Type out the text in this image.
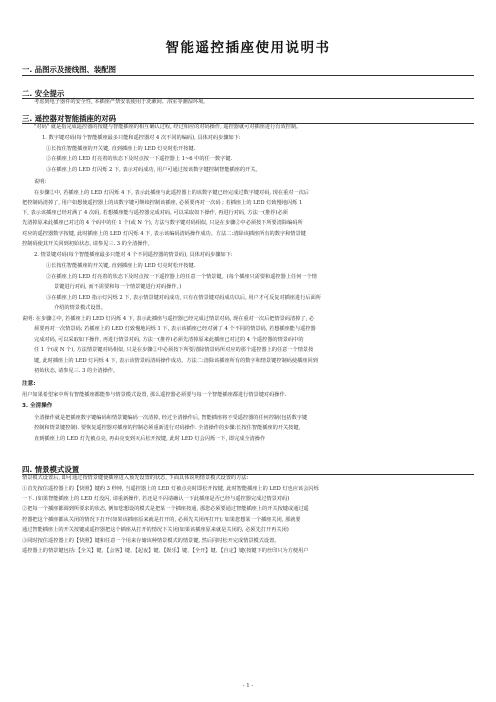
智能遥控插座使用说明书
一. 品图示及接线图、装配图
二. 安全提示
考虑到电子器件的安全性, 本插座严禁安装使用于洗漱间、浴室等潮湿环境。
三. 遥控器对智能插座的对码
"对码" 就是指完成遥控器的按键与智能插座的相互确认过程, 经过相应的对码操作, 遥控器就可对插座进行有效控制。
1. 数字键对码(每个智能插座最多只能和遥控器对 4 次不同的编码), 具体对码步骤如下:
①长按住智能插座的开关键, 直到插座上的 LED 灯亮时松开按键.
②在插座上的 LED 灯亮着的状态下及时点按一下遥控器上 1~6 中的任一数字键.
③在插座上的 LED 灯闪烁 2 下, 表示对码成功, 用户可通过按该数字键控制智能插座的开关。
说明:
在步骤②中, 若插座上的 LED 灯闪烁 4 下, 表示此插座与此遥控器上的该数字键已经完成过数字键对码, 现在重对一次后
把控制码清掉了, 用户如想使遥控器上的该数字键可继续控制该插座, 必须要再对一次码 ; 若插座上的 LED 灯致慢地闪烁 1
下, 表示该插座已经对满了 4 次码, 若想插座能与遥控器完成对码, 可以采取如下操作, 再进行对码, 方法一(推荐)必须
先清掉原来此插座已对过的 4 个码中的任 1 个(或 N 个), 方法与数字键对码相似, 只是在步骤②中必须按下所要清除编码所
对应的遥控器数字按键, 此时插座上的 LED 灯闪烁 4 下, 表示该编码清码操作成功。方法二:清除该插座所有的数字和情景键
控制码使其开关回到初始状态, 请参见三. 3 的全清操作。
2. 情景键对码(每个智能插座最多只能对 4 个不同遥控器的情景码), 具体对码步骤如下:
①长按住智能插座的开关键, 直到插座上的 LED 灯亮时松开按键.
②在插座上的 LED 灯亮着的状态下及时点按一下遥控器上的任意一个情景键。(每个插座只需要和遥控器上任何一个情
景键进行对码, 而不需要和每一个情景键进行对码操作。)
③在插座上的 LED 指示灯闪烁 2 下, 表示情景键对码成功, 只有在情景键对码成功以后, 用户才可反复对插座进行后面所
介绍的情景模式设置。
说明: 在步骤②中, 若插座上的 LED 灯闪烁 4 下, 表示此插座与遥控器已经完成过情景对码, 现在重对一次后把情景码清掉了, 必
须要再对一次情景码; 若插座上的 LED 灯致慢地闪烁 1 下, 表示该插座已经对满了 4 个不同的情景码, 若想插座能与遥控器
完成对码, 可以采取如下操作, 再进行情景对码, 方法一(推荐)必须先清掉原来此插座已对过的 4 个遥控器的情景码中的
任 1 个(或 N 个), 方法情景键对码相似, 只是在步骤②中必须按下所要清除情景码所对应的那个遥控器上的任意一个情景按
键, 此时插座上的 LED 灯闪烁 4 下, 表示该情景码清码操作成功。方法二:清除该插座所有的数字和情景键控制码使插座回到
初始状态, 请参见三. 3 的全清操作。
注意:
用户如果希望家中所有智能插座都能参与情景模式设置, 那么遥控器必须要与每一个智能插座都进行情景键对码操作.
3. 全清操作
全清操作就是把插座数字键编码和情景键编码一次清掉, 经过全清操作后, 智能插座将不受遥控器的任何控制(包括数字键
控制和情景键控制). 要恢复遥控器对插座的控制必须重新进行对码操作. 全清操作的步骤:长按住智能插座的开关按键,
直到插座上的 LED 灯先被点亮, 再由亮变到灭后松开按键, 此时 LED 灯会闪烁一下, 即完成全清操作
四. 情景模式设置
情景模式设置后, 即可通过按情景键使插座进入预先设置的状态, 下面具体说明情景模式设置的方法:
①首先按住遥控器上的【快照】键约 3 秒钟, 当遥控器上的 LED 灯被点亮时即松开按键, 此时智能插座上的 LED 灯也应该会闪烁
一下. (如果智能插座上的 LED 灯没闪, 请重新操作, 若还是不闪请确认一下此插座是否已经与遥控器完成过情景对码)
②把每一个插座都调到所要求的状态, 例如您想设的模式是把某一个插座按通, 那您必须要通过智能插座上的开关按键或通过遥
控器把这个插座都从关闭的情况下打开(如果该插座原来就是打开的, 必须先关闭再打开); 如果您想某一个插座关闭, 那就要
通过智能插座上的开关按键或遥控器把这个插座从打开的情况下关闭(如果该插座原来就是关闭的, 必须先打开再关闭)
③同时按住遥控器上的【快照】键和任意一个用来存储该种情景模式的情景键, 然后同时松开完成情景模式设置。
遥控器上的情景键包括:【全关】键、【会客】键、【起夜】键、【娱乐】键、【全开】键、【自定】键(按键下的丝印只为方便用户
- 1 -
